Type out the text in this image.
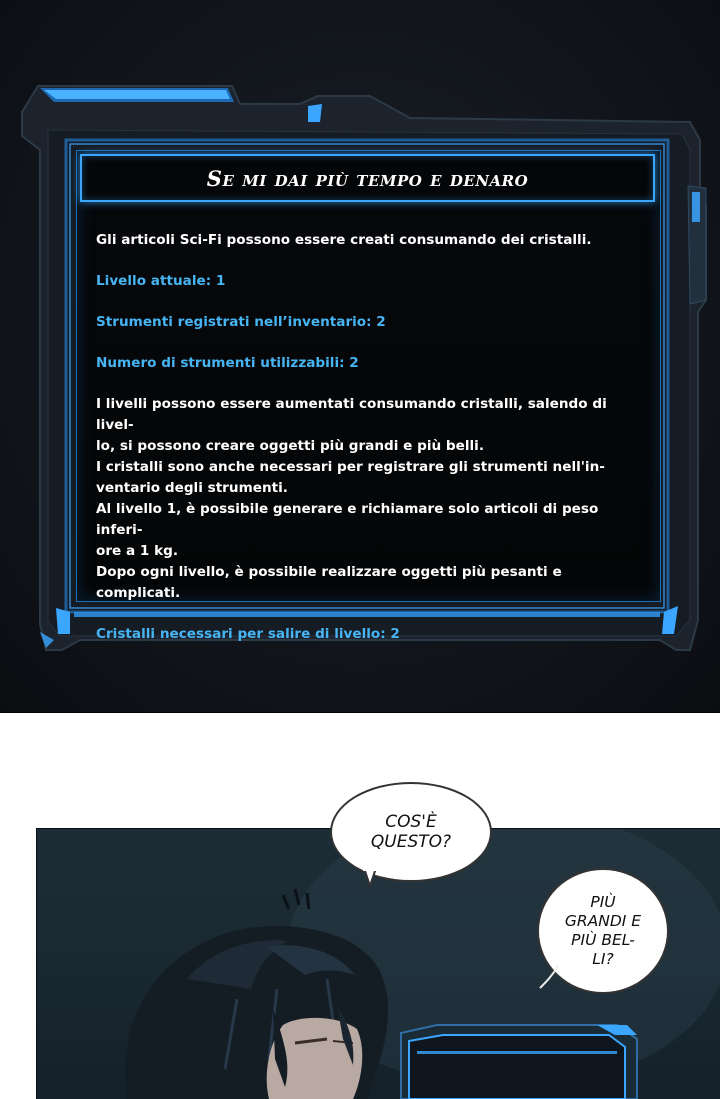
Se mi dai più tempo e denaro

Gli articoli Sci-Fi possono essere creati consumando dei cristalli.

Livello attuale: 1

Strumenti registrati nell’inventario: 2

Numero di strumenti utilizzabili: 2

I livelli possono essere aumentati consumando cristalli, salendo di livel-

lo, si possono creare oggetti più grandi e più belli.

I cristalli sono anche necessari per registrare gli strumenti nell'in-

ventario degli strumenti.

Al livello 1, è possibile generare e richiamare solo articoli di peso inferi-

ore a 1 kg.

Dopo ogni livello, è possibile realizzare oggetti più pesanti e complicati.

Cristalli necessari per salire di livello: 2

COS'È
QUESTO?
PIÙ
GRANDI E
PIÙ BEL-
LI?
